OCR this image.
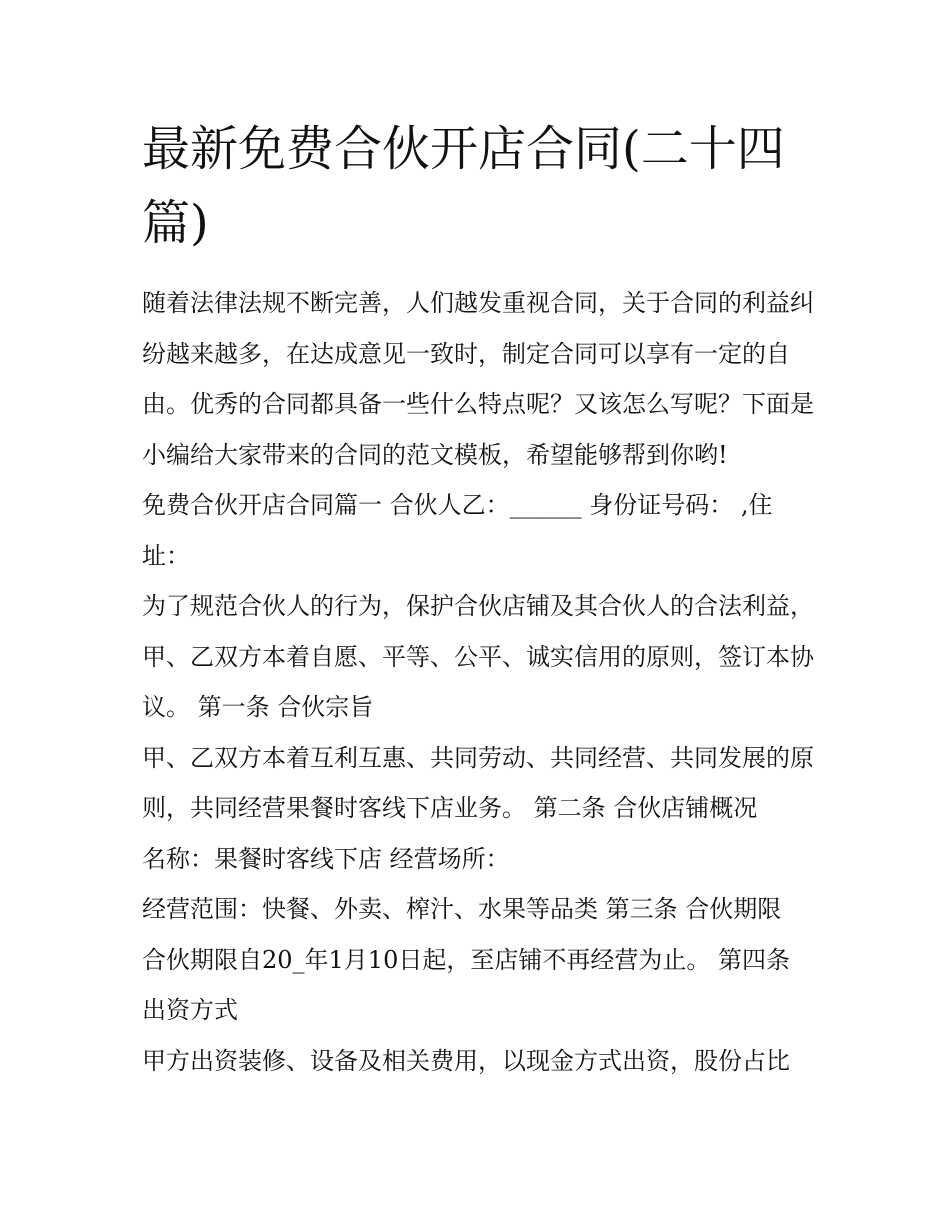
最新免费合伙开店合同(二十四篇)

随着法律法规不断完善，人们越发重视合同，关于合同的利益纠纷越来越多，在达成意见一致时，制定合同可以享有一定的自由。优秀的合同都具备一些什么特点呢？又该怎么写呢？下面是小编给大家带来的合同的范文模板，希望能够帮到你哟!

免费合伙开店合同篇一 合伙人乙：______ 身份证号码： ,住址：

为了规范合伙人的行为，保护合伙店铺及其合伙人的合法利益，甲、乙双方本着自愿、平等、公平、诚实信用的原则，签订本协议。 第一条 合伙宗旨

甲、乙双方本着互利互惠、共同劳动、共同经营、共同发展的原则，共同经营果餐时客线下店业务。 第二条 合伙店铺概况

名称：果餐时客线下店 经营场所：

经营范围：快餐、外卖、榨汁、水果等品类 第三条 合伙期限

合伙期限自20_年1月10日起，至店铺不再经营为止。 第四条 出资方式

甲方出资装修、设备及相关费用，以现金方式出资，股份占比
